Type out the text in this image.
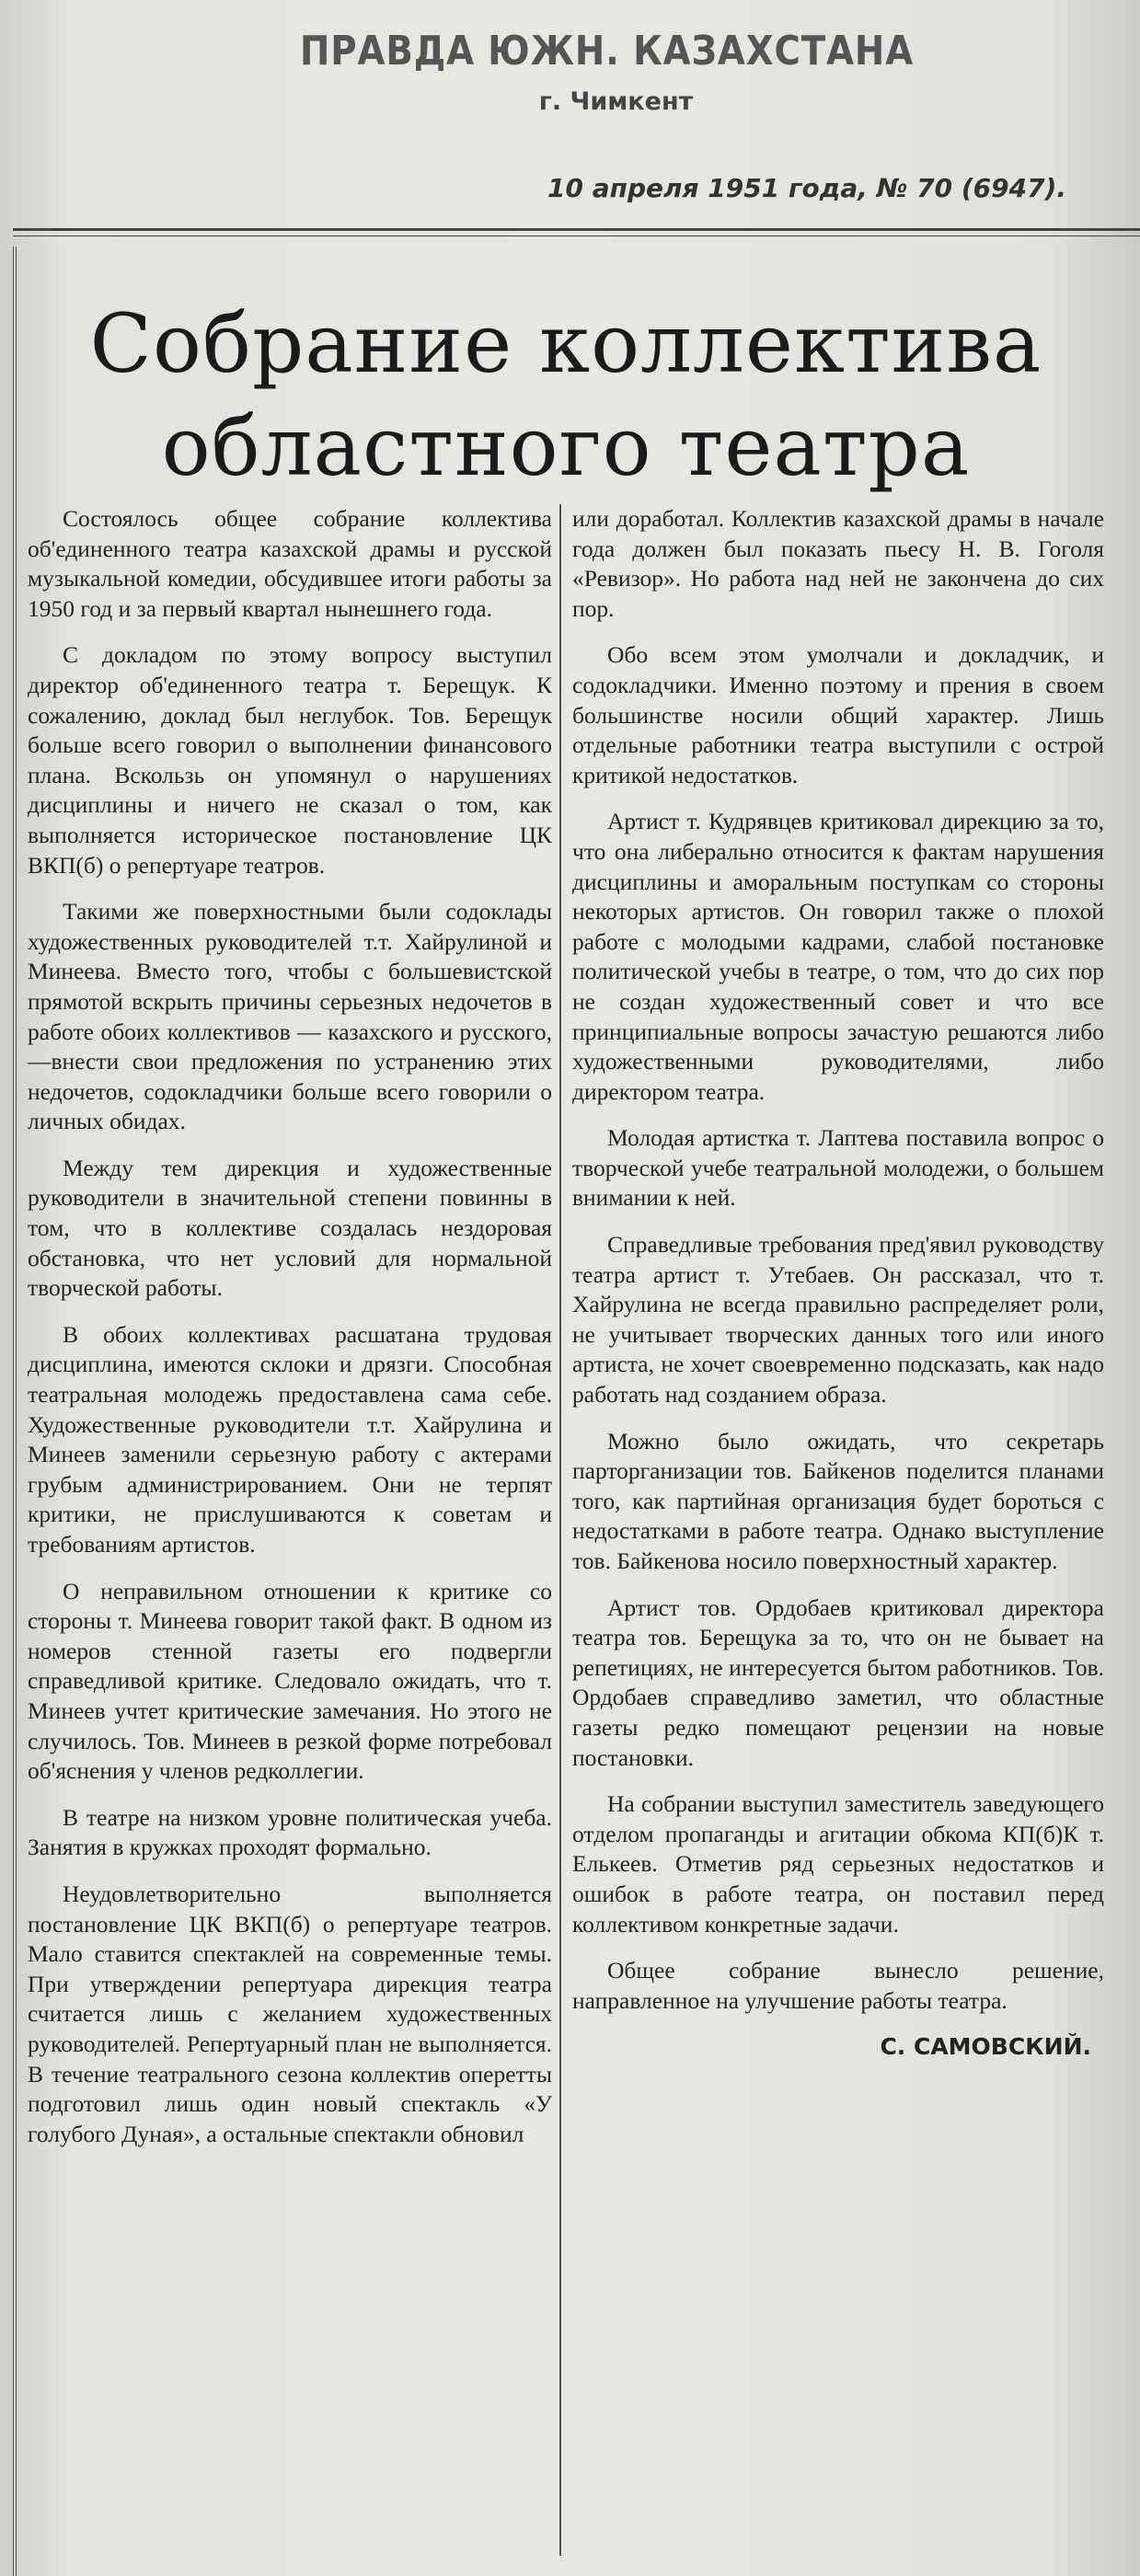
ПРАВДА ЮЖН. КАЗАХСТАНА
г. Чимкент
10 апреля 1951 года, № 70 (6947).
Собрание коллектива
областного театра

Состоялось общее собрание коллектива об'единенного театра казахской драмы и русской музыкальной комедии, обсудившее итоги работы за 1950 год и за первый квартал нынешнего года.

С докладом по этому вопросу выступил директор об'единенного театра т. Берещук. К сожалению, доклад был неглубок. Тов. Берещук больше всего говорил о выполнении финансового плана. Вскользь он упомянул о нарушениях дисциплины и ничего не сказал о том, как выполняется историческое постановление ЦК ВКП(б) о репертуаре театров.

Такими же поверхностными были содоклады художественных руководителей т.т. Хайрулиной и Минеева. Вместо того, чтобы с большевистской прямотой вскрыть причины серьезных недочетов в работе обоих коллективов — казахского и русского,—внести свои предложения по устранению этих недочетов, содокладчики больше всего говорили о личных обидах.

Между тем дирекция и художественные руководители в значительной степени повинны в том, что в коллективе создалась нездоровая обстановка, что нет условий для нормальной творческой работы.

В обоих коллективах расшатана трудовая дисциплина, имеются склоки и дрязги. Способная театральная молодежь предоставлена сама себе. Художественные руководители т.т. Хайрулина и Минеев заменили серьезную работу с актерами грубым администрированием. Они не терпят критики, не прислушиваются к советам и требованиям артистов.

О неправильном отношении к критике со стороны т. Минеева говорит такой факт. В одном из номеров стенной газеты его подвергли справедливой критике. Следовало ожидать, что т. Минеев учтет критические замечания. Но этого не случилось. Тов. Минеев в резкой форме потребовал об'яснения у членов редколлегии.

В театре на низком уровне политическая учеба. Занятия в кружках проходят формально.

Неудовлетворительно выполняется постановление ЦК ВКП(б) о репертуаре театров. Мало ставится спектаклей на современные темы. При утверждении репертуара дирекция театра считается лишь с желанием художественных руководителей. Репертуарный план не выполняется. В течение театрального сезона коллектив оперетты подготовил лишь один новый спектакль «У голубого Дуная», а остальные спектакли обновил

или доработал. Коллектив казахской драмы в начале года должен был показать пьесу Н. В. Гоголя «Ревизор». Но работа над ней не закончена до сих пор.

Обо всем этом умолчали и докладчик, и содокладчики. Именно поэтому и прения в своем большинстве носили общий характер. Лишь отдельные работники театра выступили с острой критикой недостатков.

Артист т. Кудрявцев критиковал дирекцию за то, что она либерально относится к фактам нарушения дисциплины и аморальным поступкам со стороны некоторых артистов. Он говорил также о плохой работе с молодыми кадрами, слабой постановке политической учебы в театре, о том, что до сих пор не создан художественный совет и что все принципиальные вопросы зачастую решаются либо художественными руководителями, либо директором театра.

Молодая артистка т. Лаптева поставила вопрос о творческой учебе театральной молодежи, о большем внимании к ней.

Справедливые требования пред'явил руководству театра артист т. Утебаев. Он рассказал, что т. Хайрулина не всегда правильно распределяет роли, не учитывает творческих данных того или иного артиста, не хочет своевременно подсказать, как надо работать над созданием образа.

Можно было ожидать, что секретарь парторганизации тов. Байкенов поделится планами того, как партийная организация будет бороться с недостатками в работе театра. Однако выступление тов. Байкенова носило поверхностный характер.

Артист тов. Ордобаев критиковал директора театра тов. Берещука за то, что он не бывает на репетициях, не интересуется бытом работников. Тов. Ордобаев справедливо заметил, что областные газеты редко помещают рецензии на новые постановки.

На собрании выступил заместитель заведующего отделом пропаганды и агитации обкома КП(б)К т. Елькеев. Отметив ряд серьезных недостатков и ошибок в работе театра, он поставил перед коллективом конкретные задачи.

Общее собрание вынесло решение, направленное на улучшение работы театра.

С. САМОВСКИЙ.
